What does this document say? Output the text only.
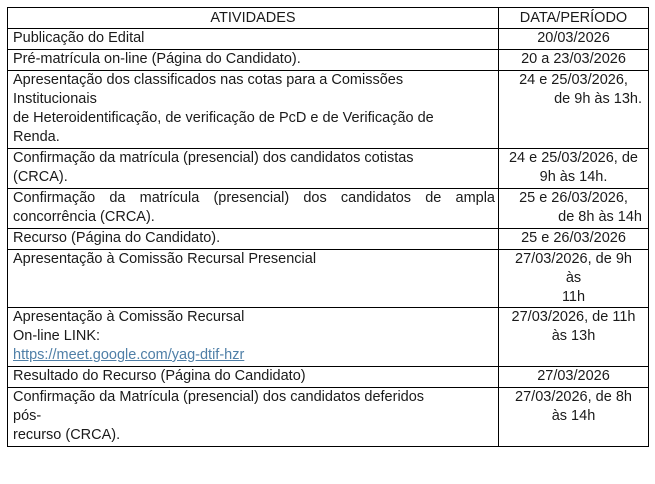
ATIVIDADES	DATA/PERÍODO

Publicação do Edital	20/03/2026

Pré-matrícula on-line (Página do Candidato).	20 a 23/03/2026

Apresentação dos classificados nas cotas para a Comissões
Institucionais
de Heteroidentificação, de verificação de PcD e de Verificação de
Renda.	24 e 25/03/2026,
de 9h às 13h.

Confirmação da matrícula (presencial) dos candidatos cotistas
(CRCA).	24 e 25/03/2026, de
9h às 14h.

Confirmação da matrícula (presencial) dos candidatos de ampla
concorrência (CRCA).	25 e 26/03/2026,
de 8h às 14h

Recurso (Página do Candidato).	25 e 26/03/2026

Apresentação à Comissão Recursal Presencial	27/03/2026, de 9h
às
11h

Apresentação à Comissão Recursal
On-line LINK:
https://meet.google.com/yag-dtif-hzr	27/03/2026, de 11h
às 13h

Resultado do Recurso (Página do Candidato)	27/03/2026

Confirmação da Matrícula (presencial) dos candidatos deferidos
pós-
recurso (CRCA).	27/03/2026, de 8h
às 14h
